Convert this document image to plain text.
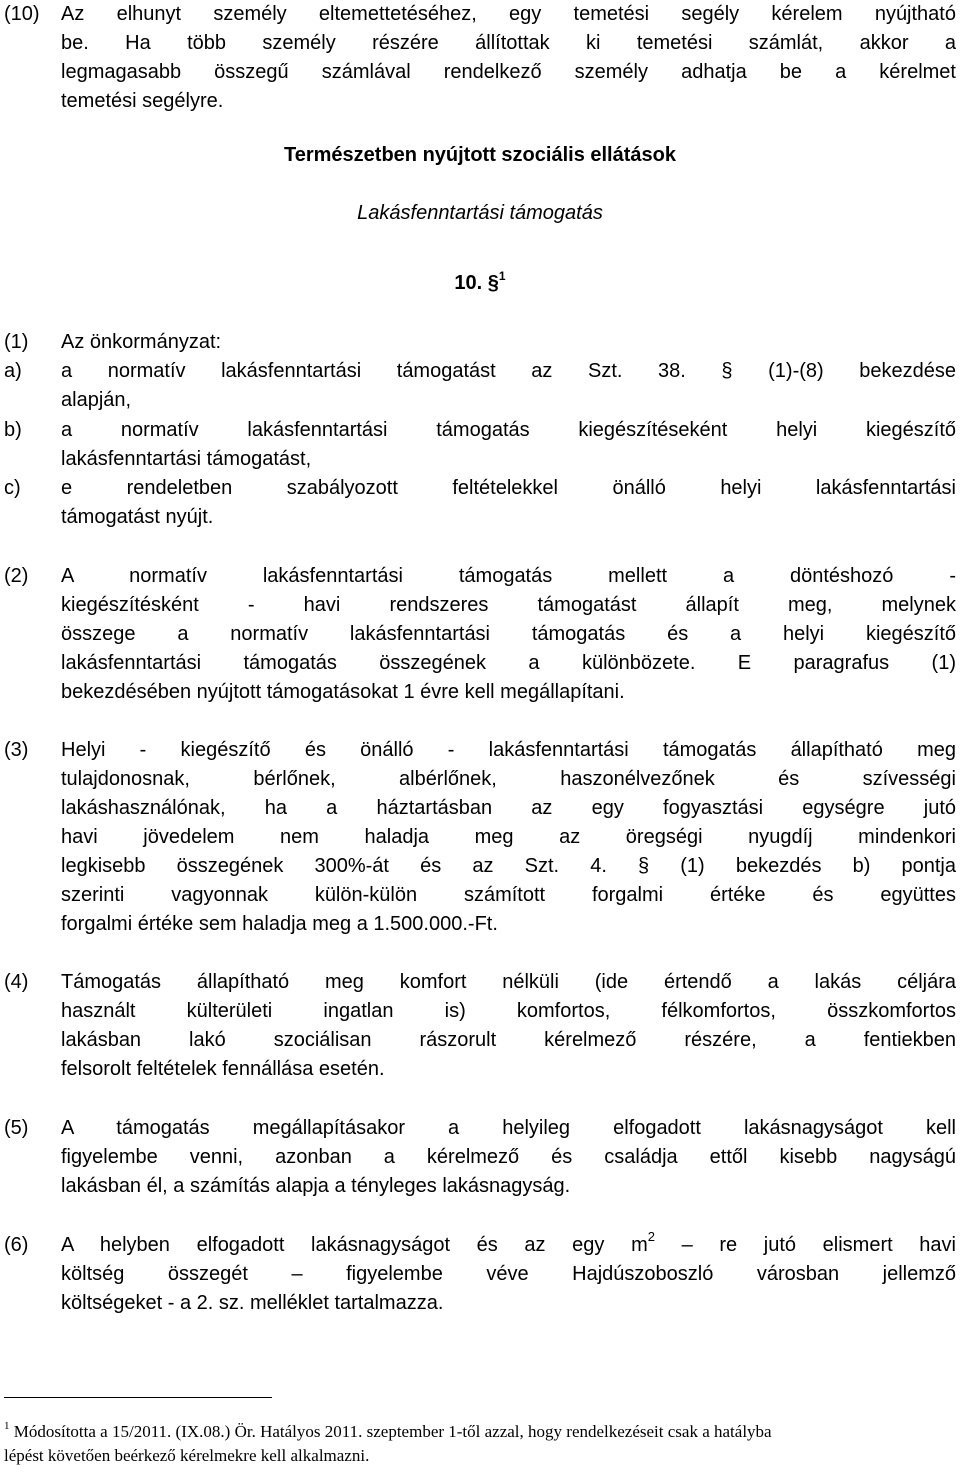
(10) Az elhunyt személy eltemettetéséhez, egy temetési segély kérelem nyújtható
be. Ha több személy részére állítottak ki temetési számlát, akkor a
legmagasabb összegű számlával rendelkező személy adhatja be a kérelmet
temetési segélyre.
Természetben nyújtott szociális ellátások
Lakásfenntartási támogatás
10. §$^1$
(1) Az önkormányzat:
a) a normatív lakásfenntartási támogatást az Szt. 38. § (1)-(8) bekezdése
alapján,
b) a normatív lakásfenntartási támogatás kiegészítéseként helyi kiegészítő
lakásfenntartási támogatást,
c) e rendeletben szabályozott feltételekkel önálló helyi lakásfenntartási
támogatást nyújt.
(2) A normatív lakásfenntartási támogatás mellett a döntéshozó -
kiegészítésként - havi rendszeres támogatást állapít meg, melynek
összege a normatív lakásfenntartási támogatás és a helyi kiegészítő
lakásfenntartási támogatás összegének a különbözete. E paragrafus (1)
bekezdésében nyújtott támogatásokat 1 évre kell megállapítani.
(3) Helyi - kiegészítő és önálló - lakásfenntartási támogatás állapítható meg
tulajdonosnak, bérlőnek, albérlőnek, haszonélvezőnek és szívességi
lakáshasználónak, ha a háztartásban az egy fogyasztási egységre jutó
havi jövedelem nem haladja meg az öregségi nyugdíj mindenkori
legkisebb összegének 300%-át és az Szt. 4. § (1) bekezdés b) pontja
szerinti vagyonnak külön-külön számított forgalmi értéke és együttes
forgalmi értéke sem haladja meg a 1.500.000.-Ft.
(4) Támogatás állapítható meg komfort nélküli (ide értendő a lakás céljára
használt külterületi ingatlan is) komfortos, félkomfortos, összkomfortos
lakásban lakó szociálisan rászorult kérelmező részére, a fentiekben
felsorolt feltételek fennállása esetén.
(5) A támogatás megállapításakor a helyileg elfogadott lakásnagyságot kell
figyelembe venni, azonban a kérelmező és családja ettől kisebb nagyságú
lakásban él, a számítás alapja a tényleges lakásnagyság.
(6) A helyben elfogadott lakásnagyságot és az egy $m^2$ – re jutó elismert havi
költség összegét – figyelembe véve Hajdúszoboszló városban jellemző
költségeket - a 2. sz. melléklet tartalmazza.
$^1$ Módosította a 15/2011. (IX.08.) Ör. Hatályos 2011. szeptember 1-től azzal, hogy rendelkezéseit csak a hatályba
lépést követően beérkező kérelmekre kell alkalmazni.
